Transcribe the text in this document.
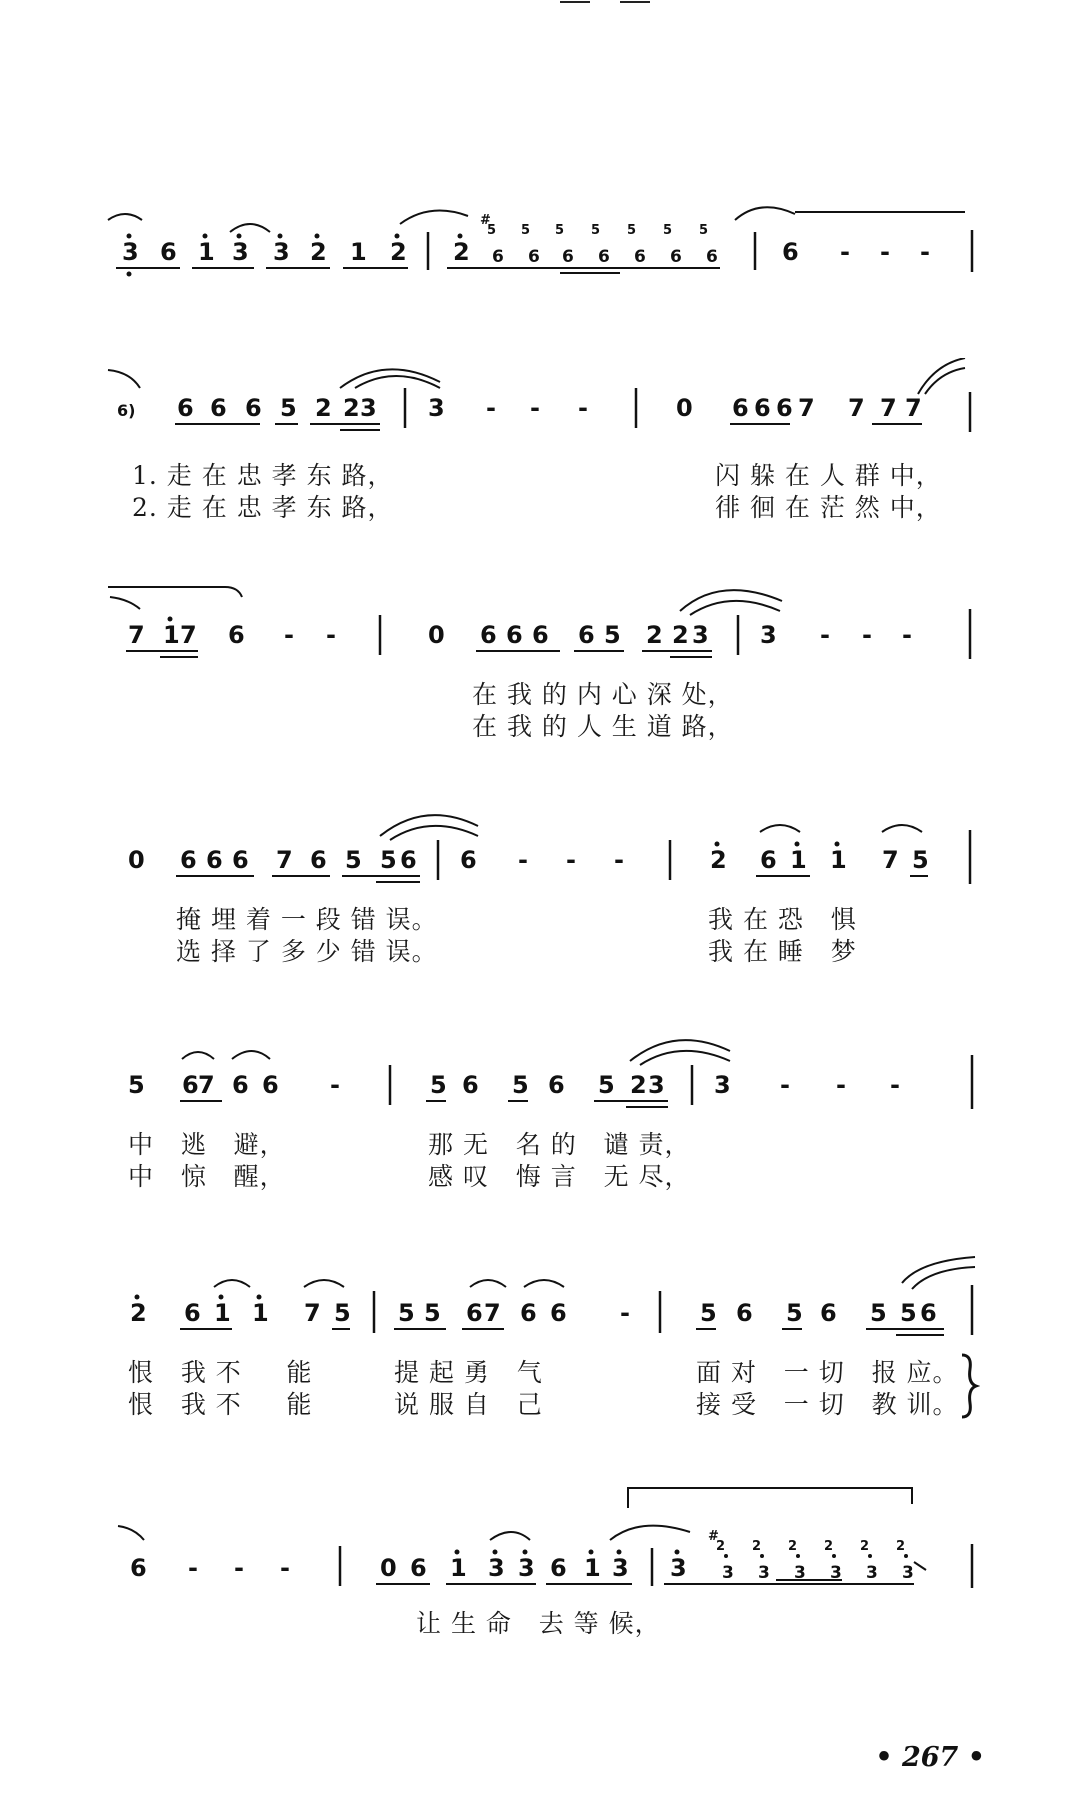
3 6 1 3 3 2 1 2 2	6 - - -
6 6 6 6 6 6 6
#
5 5 5 5 5 5 5
6 6 6 5 2 2 3 3 - - -	0 6 6 6 7 7 7 7
6)
1. 走 在 忠 孝 东 路，	闪 躲 在 人 群 中，
2. 走 在 忠 孝 东 路，	徘 徊 在 茫 然 中，
7 1 7 6 - -	0 6 6 6 6 5 2 2 3 3 - - -
在 我 的 内 心 深 处，
在 我 的 人 生 道 路，
0 6 6 6 7 6 5 5 6 6 - - -	2 6 1 1 7 5
掩 埋 着 一 段 错 误。	我 在 恐   惧
选 择 了 多 少 错 误。	我 在 睡   梦
5 6 7 6 6 -	5 6 5 6 5 2 3 3 - - -
中   逃   避，	那 无   名 的   谴 责，
中   惊   醒，	感 叹   悔 言   无 尽，
2 6 1 1 7 5 5 5 6 7 6 6 -	5 6 5 6 5 5 6
恨   我 不     能	提 起 勇   气	面 对   一 切   报 应。
恨   我 不     能	说 服 自   己	接 受   一 切   教 训。
6 - - -	0 6 1 3 3 6 1 3 3 3 3 3 3 3 3
#
2 2 2 2 2 2
让 生 命   去 等 候，
• 267 •
